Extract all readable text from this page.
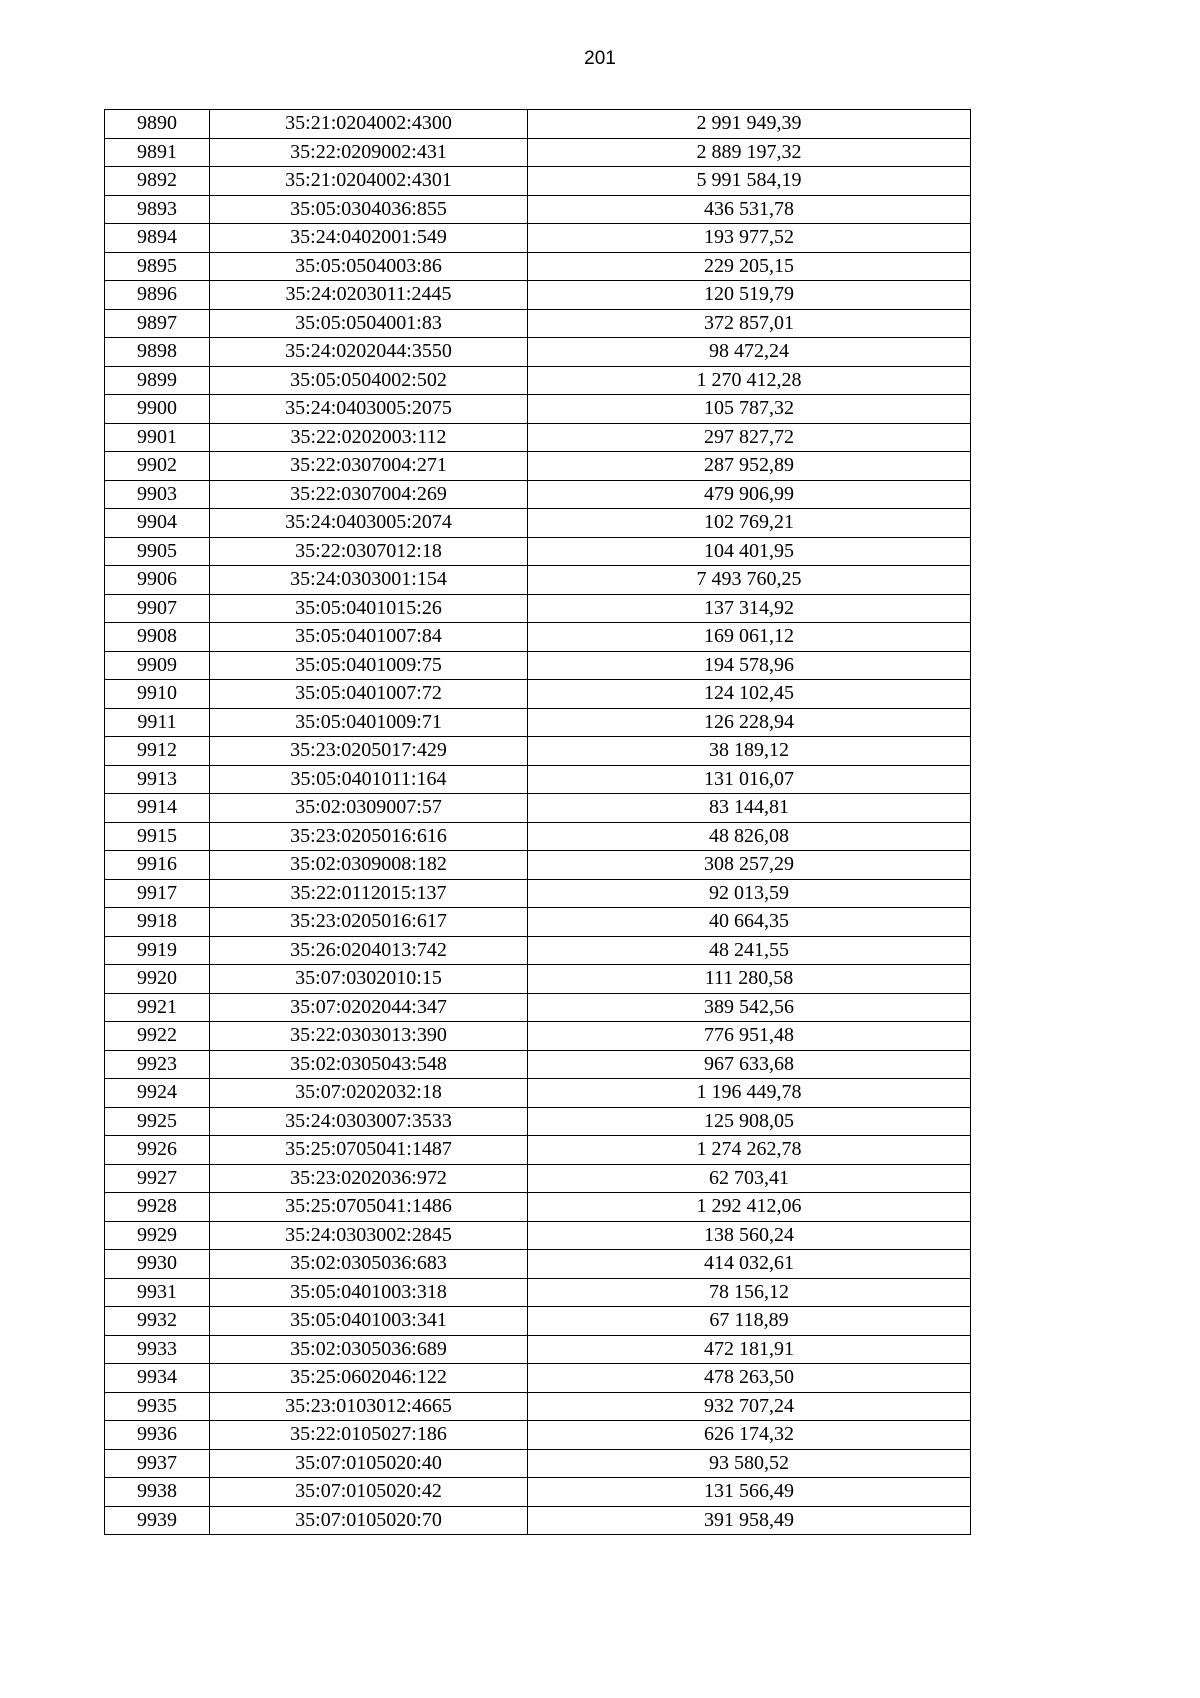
201
9890	35:21:0204002:4300	2 991 949,39
9891	35:22:0209002:431	2 889 197,32
9892	35:21:0204002:4301	5 991 584,19
9893	35:05:0304036:855	436 531,78
9894	35:24:0402001:549	193 977,52
9895	35:05:0504003:86	229 205,15
9896	35:24:0203011:2445	120 519,79
9897	35:05:0504001:83	372 857,01
9898	35:24:0202044:3550	98 472,24
9899	35:05:0504002:502	1 270 412,28
9900	35:24:0403005:2075	105 787,32
9901	35:22:0202003:112	297 827,72
9902	35:22:0307004:271	287 952,89
9903	35:22:0307004:269	479 906,99
9904	35:24:0403005:2074	102 769,21
9905	35:22:0307012:18	104 401,95
9906	35:24:0303001:154	7 493 760,25
9907	35:05:0401015:26	137 314,92
9908	35:05:0401007:84	169 061,12
9909	35:05:0401009:75	194 578,96
9910	35:05:0401007:72	124 102,45
9911	35:05:0401009:71	126 228,94
9912	35:23:0205017:429	38 189,12
9913	35:05:0401011:164	131 016,07
9914	35:02:0309007:57	83 144,81
9915	35:23:0205016:616	48 826,08
9916	35:02:0309008:182	308 257,29
9917	35:22:0112015:137	92 013,59
9918	35:23:0205016:617	40 664,35
9919	35:26:0204013:742	48 241,55
9920	35:07:0302010:15	111 280,58
9921	35:07:0202044:347	389 542,56
9922	35:22:0303013:390	776 951,48
9923	35:02:0305043:548	967 633,68
9924	35:07:0202032:18	1 196 449,78
9925	35:24:0303007:3533	125 908,05
9926	35:25:0705041:1487	1 274 262,78
9927	35:23:0202036:972	62 703,41
9928	35:25:0705041:1486	1 292 412,06
9929	35:24:0303002:2845	138 560,24
9930	35:02:0305036:683	414 032,61
9931	35:05:0401003:318	78 156,12
9932	35:05:0401003:341	67 118,89
9933	35:02:0305036:689	472 181,91
9934	35:25:0602046:122	478 263,50
9935	35:23:0103012:4665	932 707,24
9936	35:22:0105027:186	626 174,32
9937	35:07:0105020:40	93 580,52
9938	35:07:0105020:42	131 566,49
9939	35:07:0105020:70	391 958,49
